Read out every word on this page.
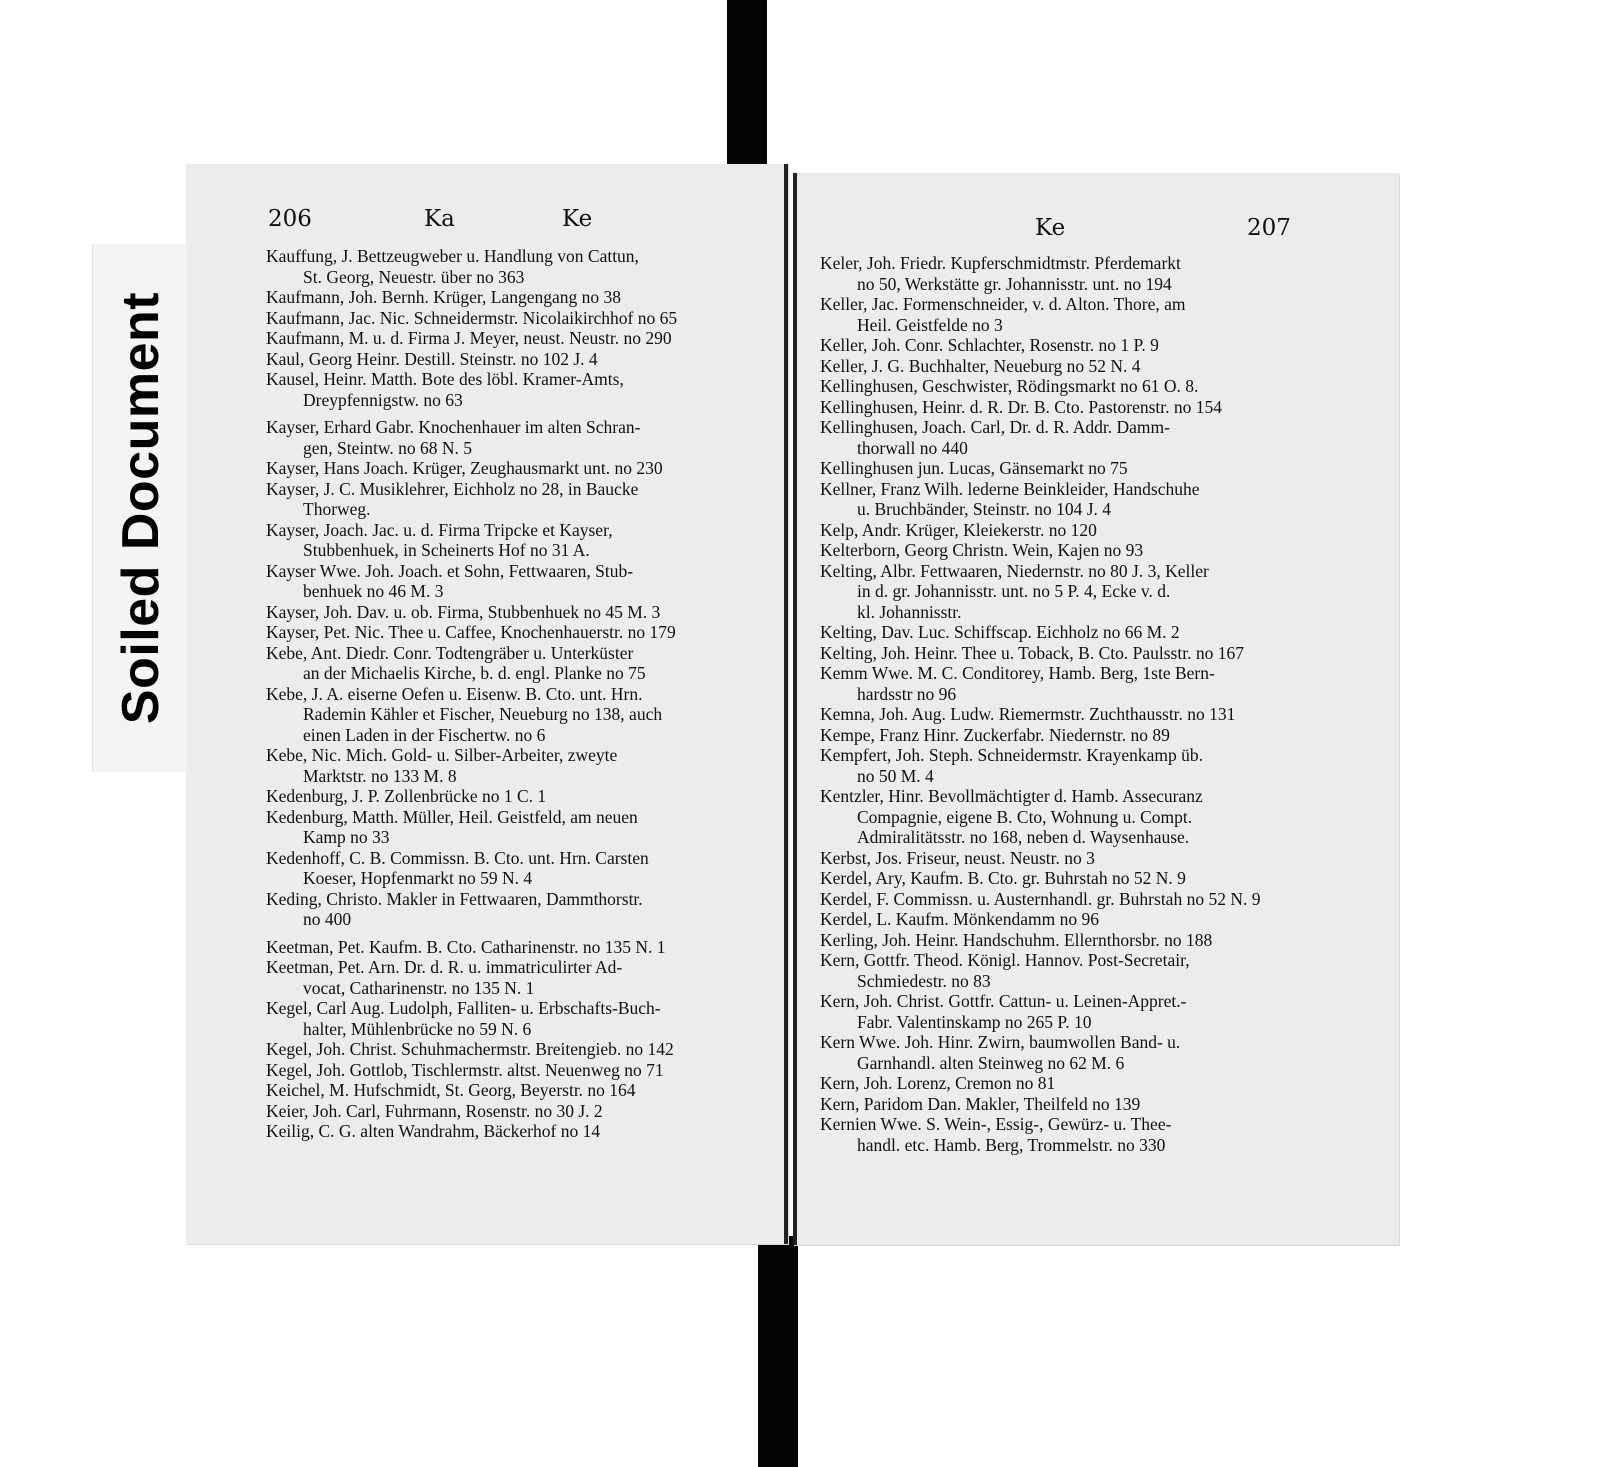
Soiled Document
206	Ka	Ke
Kauffung, J. Bettzeugweber u. Handlung von Cattun,
St. Georg, Neuestr. über no 363
Kaufmann, Joh. Bernh. Krüger, Langengang no 38
Kaufmann, Jac. Nic. Schneidermstr. Nicolaikirchhof no 65
Kaufmann, M. u. d. Firma J. Meyer, neust. Neustr. no 290
Kaul, Georg Heinr. Destill. Steinstr. no 102 J. 4
Kausel, Heinr. Matth. Bote des löbl. Kramer-Amts,
Dreypfennigstw. no 63
Kayser, Erhard Gabr. Knochenhauer im alten Schran-
gen, Steintw. no 68 N. 5
Kayser, Hans Joach. Krüger, Zeughausmarkt unt. no 230
Kayser, J. C. Musiklehrer, Eichholz no 28, in Baucke
Thorweg.
Kayser, Joach. Jac. u. d. Firma Tripcke et Kayser,
Stubbenhuek, in Scheinerts Hof no 31 A.
Kayser Wwe. Joh. Joach. et Sohn, Fettwaaren, Stub-
benhuek no 46 M. 3
Kayser, Joh. Dav. u. ob. Firma, Stubbenhuek no 45 M. 3
Kayser, Pet. Nic. Thee u. Caffee, Knochenhauerstr. no 179
Kebe, Ant. Diedr. Conr. Todtengräber u. Unterküster
an der Michaelis Kirche, b. d. engl. Planke no 75
Kebe, J. A. eiserne Oefen u. Eisenw. B. Cto. unt. Hrn.
Rademin Kähler et Fischer, Neueburg no 138, auch
einen Laden in der Fischertw. no 6
Kebe, Nic. Mich. Gold- u. Silber-Arbeiter, zweyte
Marktstr. no 133 M. 8
Kedenburg, J. P. Zollenbrücke no 1 C. 1
Kedenburg, Matth. Müller, Heil. Geistfeld, am neuen
Kamp no 33
Kedenhoff, C. B. Commissn. B. Cto. unt. Hrn. Carsten
Koeser, Hopfenmarkt no 59 N. 4
Keding, Christo. Makler in Fettwaaren, Dammthorstr.
no 400
Keetman, Pet. Kaufm. B. Cto. Catharinenstr. no 135 N. 1
Keetman, Pet. Arn. Dr. d. R. u. immatriculirter Ad-
vocat, Catharinenstr. no 135 N. 1
Kegel, Carl Aug. Ludolph, Falliten- u. Erbschafts-Buch-
halter, Mühlenbrücke no 59 N. 6
Kegel, Joh. Christ. Schuhmachermstr. Breitengieb. no 142
Kegel, Joh. Gottlob, Tischlermstr. altst. Neuenweg no 71
Keichel, M. Hufschmidt, St. Georg, Beyerstr. no 164
Keier, Joh. Carl, Fuhrmann, Rosenstr. no 30 J. 2
Keilig, C. G. alten Wandrahm, Bäckerhof no 14
Ke	207
Keler, Joh. Friedr. Kupferschmidtmstr. Pferdemarkt
no 50, Werkstätte gr. Johannisstr. unt. no 194
Keller, Jac. Formenschneider, v. d. Alton. Thore, am
Heil. Geistfelde no 3
Keller, Joh. Conr. Schlachter, Rosenstr. no 1 P. 9
Keller, J. G. Buchhalter, Neueburg no 52 N. 4
Kellinghusen, Geschwister, Rödingsmarkt no 61 O. 8.
Kellinghusen, Heinr. d. R. Dr. B. Cto. Pastorenstr. no 154
Kellinghusen, Joach. Carl, Dr. d. R. Addr. Damm-
thorwall no 440
Kellinghusen jun. Lucas, Gänsemarkt no 75
Kellner, Franz Wilh. lederne Beinkleider, Handschuhe
u. Bruchbänder, Steinstr. no 104 J. 4
Kelp, Andr. Krüger, Kleiekerstr. no 120
Kelterborn, Georg Christn. Wein, Kajen no 93
Kelting, Albr. Fettwaaren, Niedernstr. no 80 J. 3, Keller
in d. gr. Johannisstr. unt. no 5 P. 4, Ecke v. d.
kl. Johannisstr.
Kelting, Dav. Luc. Schiffscap. Eichholz no 66 M. 2
Kelting, Joh. Heinr. Thee u. Toback, B. Cto. Paulsstr. no 167
Kemm Wwe. M. C. Conditorey, Hamb. Berg, 1ste Bern-
hardsstr no 96
Kemna, Joh. Aug. Ludw. Riemermstr. Zuchthausstr. no 131
Kempe, Franz Hinr. Zuckerfabr. Niedernstr. no 89
Kempfert, Joh. Steph. Schneidermstr. Krayenkamp üb.
no 50 M. 4
Kentzler, Hinr. Bevollmächtigter d. Hamb. Assecuranz
Compagnie, eigene B. Cto, Wohnung u. Compt.
Admiralitätsstr. no 168, neben d. Waysenhause.
Kerbst, Jos. Friseur, neust. Neustr. no 3
Kerdel, Ary, Kaufm. B. Cto. gr. Buhrstah no 52 N. 9
Kerdel, F. Commissn. u. Austernhandl. gr. Buhrstah no 52 N. 9
Kerdel, L. Kaufm. Mönkendamm no 96
Kerling, Joh. Heinr. Handschuhm. Ellernthorsbr. no 188
Kern, Gottfr. Theod. Königl. Hannov. Post-Secretair,
Schmiedestr. no 83
Kern, Joh. Christ. Gottfr. Cattun- u. Leinen-Appret.-
Fabr. Valentinskamp no 265 P. 10
Kern Wwe. Joh. Hinr. Zwirn, baumwollen Band- u.
Garnhandl. alten Steinweg no 62 M. 6
Kern, Joh. Lorenz, Cremon no 81
Kern, Paridom Dan. Makler, Theilfeld no 139
Kernien Wwe. S. Wein-, Essig-, Gewürz- u. Thee-
handl. etc. Hamb. Berg, Trommelstr. no 330
